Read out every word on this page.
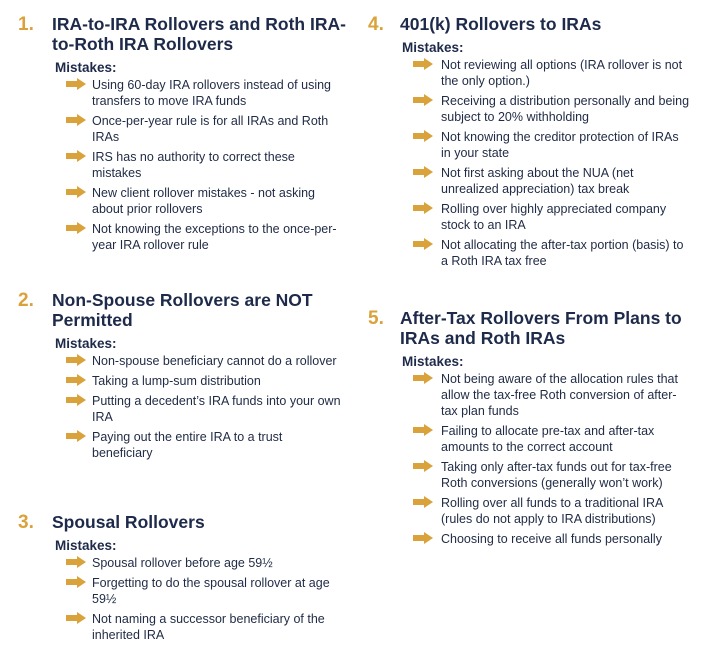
1. IRA-to-IRA Rollovers and Roth IRA-to-Roth IRA Rollovers
Mistakes:
Using 60-day IRA rollovers instead of using transfers to move IRA funds
Once-per-year rule is for all IRAs and Roth IRAs
IRS has no authority to correct these mistakes
New client rollover mistakes - not asking about prior rollovers
Not knowing the exceptions to the once-per-year IRA rollover rule
2. Non-Spouse Rollovers are NOT Permitted
Mistakes:
Non-spouse beneficiary cannot do a rollover
Taking a lump-sum distribution
Putting a decedent’s IRA funds into your own IRA
Paying out the entire IRA to a trust beneficiary
3. Spousal Rollovers
Mistakes:
Spousal rollover before age 59½
Forgetting to do the spousal rollover at age 59½
Not naming a successor beneficiary of the inherited IRA
4. 401(k) Rollovers to IRAs
Mistakes:
Not reviewing all options (IRA rollover is not the only option.)
Receiving a distribution personally and being subject to 20% withholding
Not knowing the creditor protection of IRAs in your state
Not first asking about the NUA (net unrealized appreciation) tax break
Rolling over highly appreciated company stock to an IRA
Not allocating the after-tax portion (basis) to a Roth IRA tax free
5. After-Tax Rollovers From Plans to IRAs and Roth IRAs
Mistakes:
Not being aware of the allocation rules that allow the tax-free Roth conversion of after-tax plan funds
Failing to allocate pre-tax and after-tax amounts to the correct account
Taking only after-tax funds out for tax-free Roth conversions (generally won’t work)
Rolling over all funds to a traditional IRA (rules do not apply to IRA distributions)
Choosing to receive all funds personally
